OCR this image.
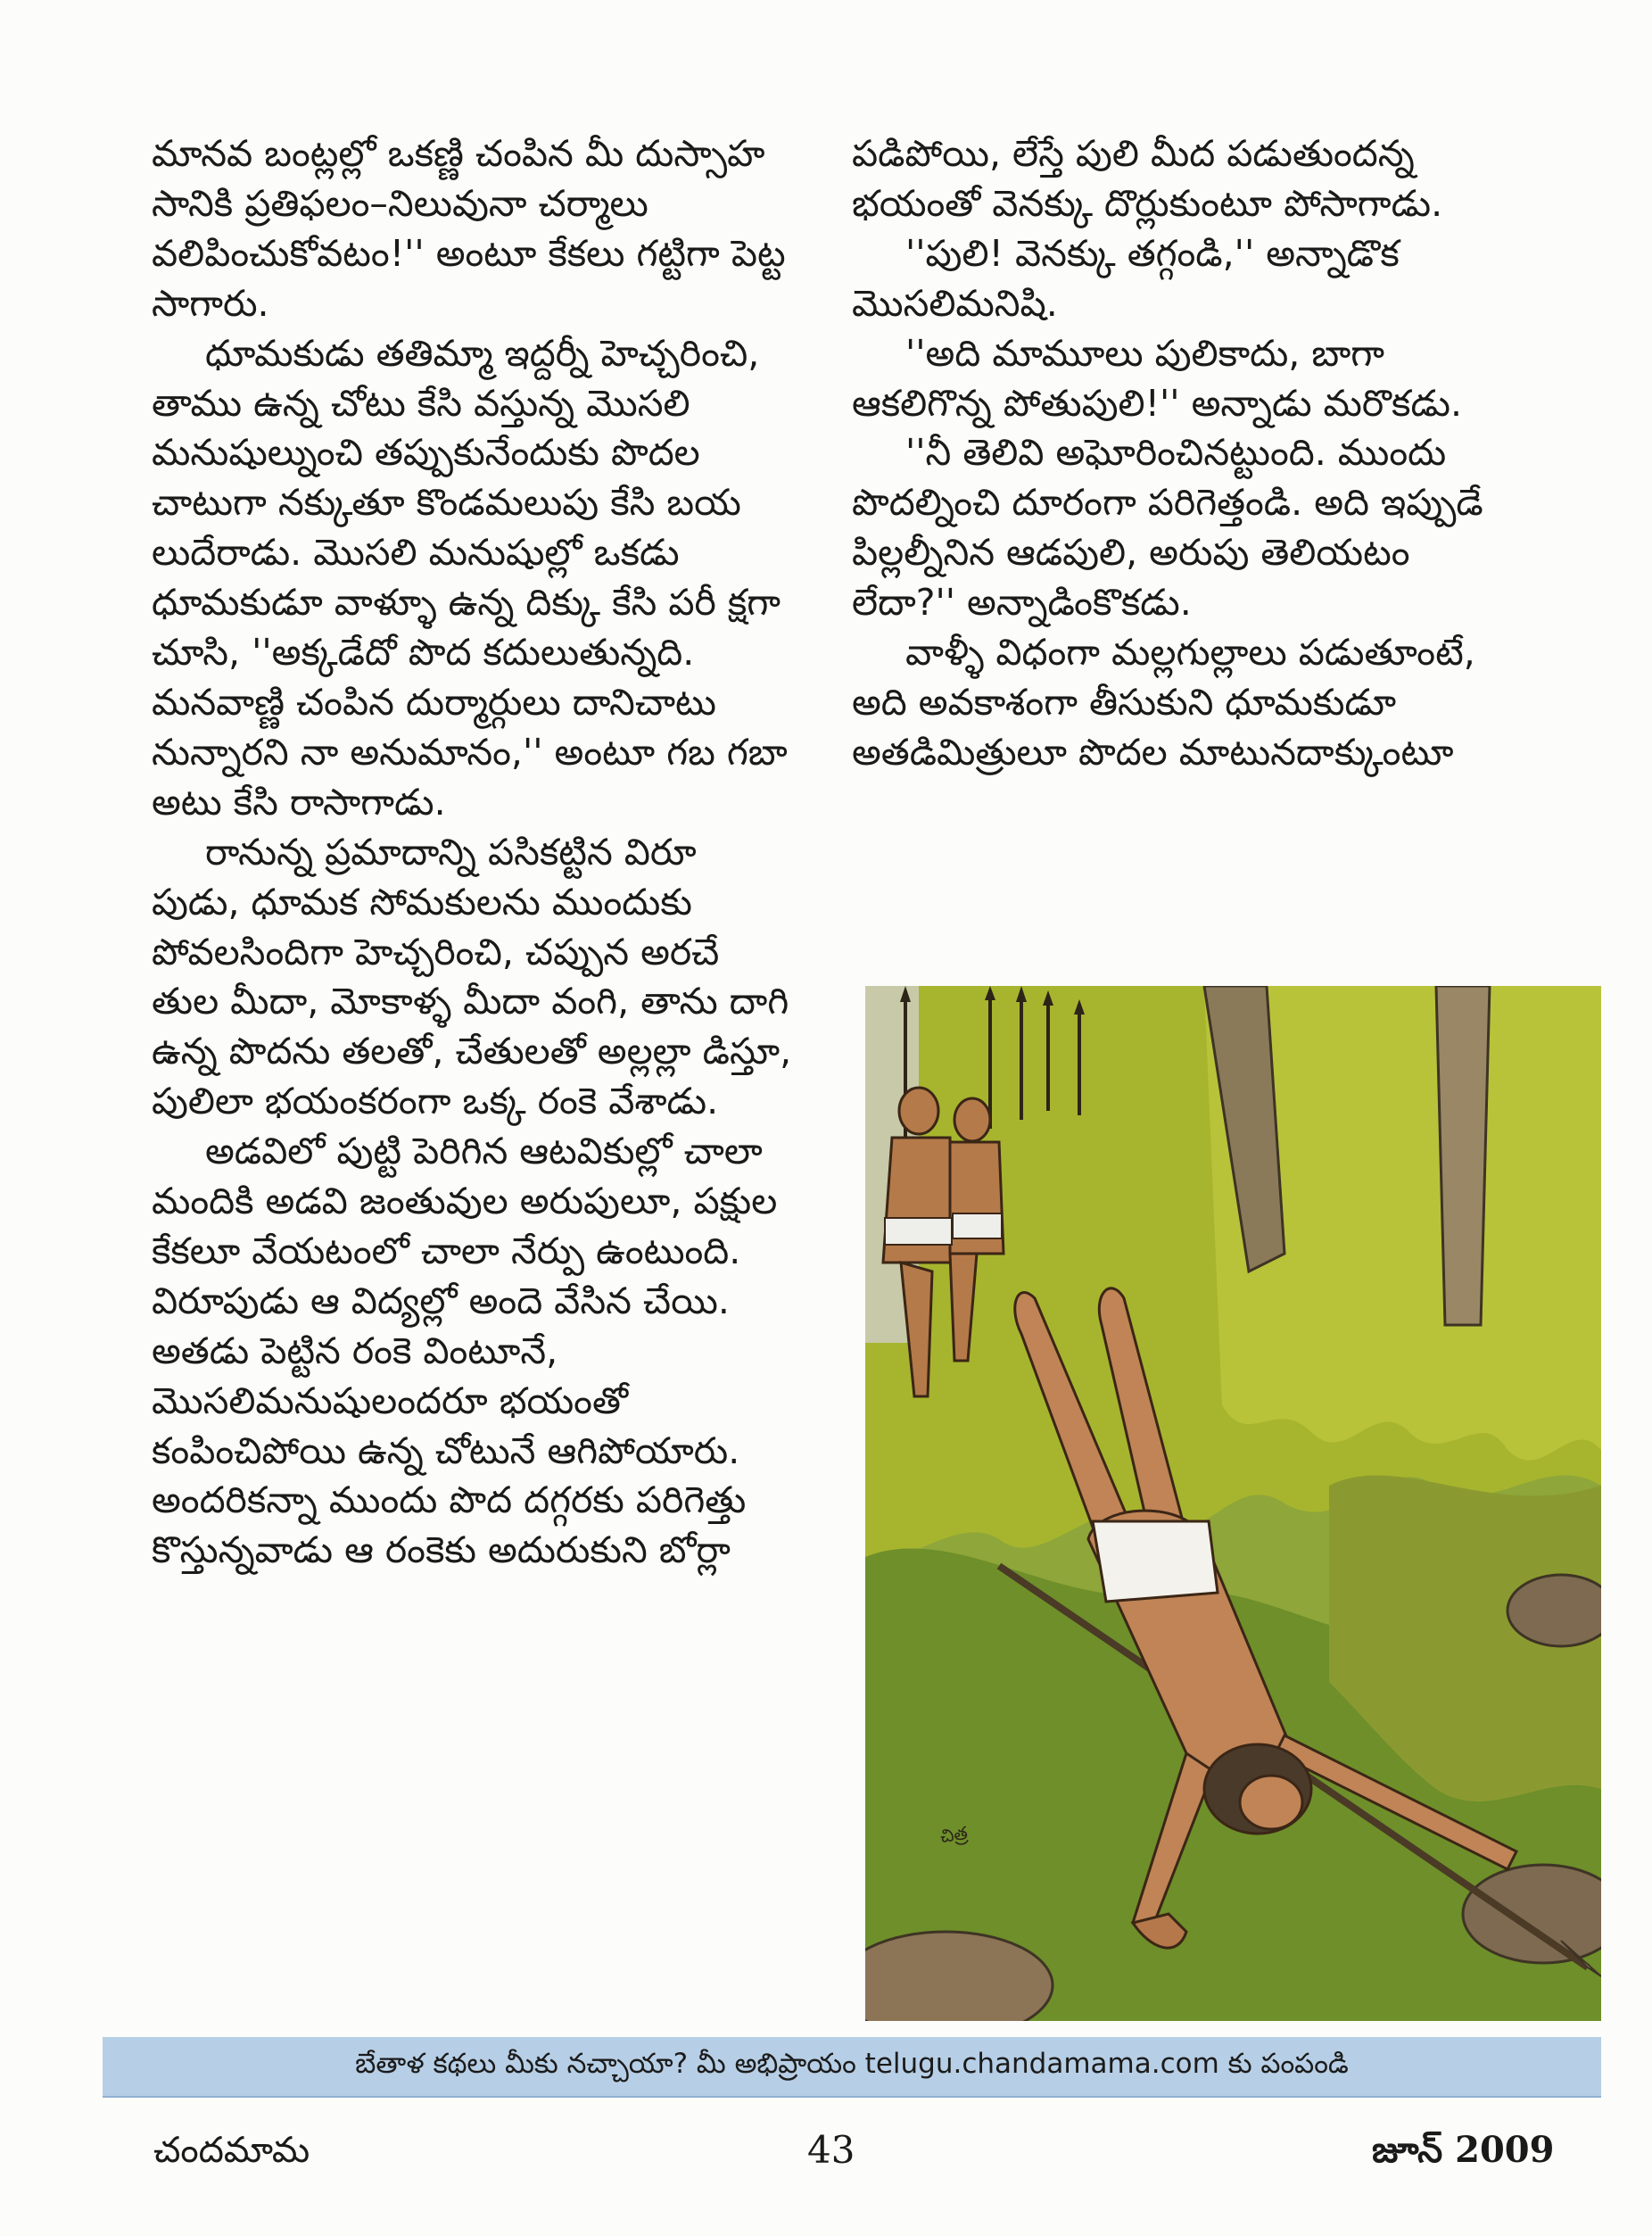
మానవ బంట్లల్లో ఒకణ్ణి చంపిన మీ దుస్సాహ సానికి ప్రతిఫలం–నిలువునా చర్మాలు వలిపించుకోవటం!'' అంటూ కేకలు గట్టిగా పెట్ట సాగారు.

ధూమకుడు తతిమ్మా ఇద్దర్నీ హెచ్చరించి, తాము ఉన్న చోటు కేసి వస్తున్న మొసలి మనుషుల్నుంచి తప్పుకునేందుకు పొదల చాటుగా నక్కుతూ కొండమలుపు కేసి బయ లుదేరాడు. మొసలి మనుషుల్లో ఒకడు ధూమకుడూ వాళ్ళూ ఉన్న దిక్కు కేసి పరీ క్షగా చూసి, ''అక్కడేదో పొద కదులుతున్నది. మనవాణ్ణి చంపిన దుర్మార్గులు దానిచాటు నున్నారని నా అనుమానం,'' అంటూ గబ గబా అటు కేసి రాసాగాడు.

రానున్న ప్రమాదాన్ని పసికట్టిన విరూ పుడు, ధూమక సోమకులను ముందుకు పోవలసిందిగా హెచ్చరించి, చప్పున అరచే తుల మీదా, మోకాళ్ళ మీదా వంగి, తాను దాగి ఉన్న పొదను తలతో, చేతులతో అల్లల్లా డిస్తూ, పులిలా భయంకరంగా ఒక్క రంకె వేశాడు.

అడవిలో పుట్టి పెరిగిన ఆటవికుల్లో చాలా మందికి అడవి జంతువుల అరుపులూ, పక్షుల కేకలూ వేయటంలో చాలా నేర్పు ఉంటుంది. విరూపుడు ఆ విద్యల్లో అందె వేసిన చేయి. అతడు పెట్టిన రంకె వింటూనే, మొసలిమనుషులందరూ భయంతో కంపించిపోయి ఉన్న చోటునే ఆగిపోయారు. అందరికన్నా ముందు పొద దగ్గరకు పరిగెత్తు కొస్తున్నవాడు ఆ రంకెకు అదురుకుని బోర్లా

పడిపోయి, లేస్తే పులి మీద పడుతుందన్న భయంతో వెనక్కు దొర్లుకుంటూ పోసాగాడు.

''పులి! వెనక్కు తగ్గండి,'' అన్నాడొక మొసలిమనిషి.

''అది మామూలు పులికాదు, బాగా ఆకలిగొన్న పోతుపులి!'' అన్నాడు మరొకడు.

''నీ తెలివి అఘోరించినట్టుంది. ముందు పొదల్నించి దూరంగా పరిగెత్తండి. అది ఇప్పుడే పిల్లల్నీనిన ఆడపులి, అరుపు తెలియటం లేదా?'' అన్నాడింకొకడు.

వాళ్ళీ విధంగా మల్లగుల్లాలు పడుతూంటే, అది అవకాశంగా తీసుకుని ధూమకుడూ అతడిమిత్రులూ పొదల మాటునదాక్కుంటూ

చిత్ర
బేతాళ కథలు మీకు నచ్చాయా? మీ అభిప్రాయం telugu.chandamama.com కు పంపండి
చందమామ	43	జూన్ 2009
